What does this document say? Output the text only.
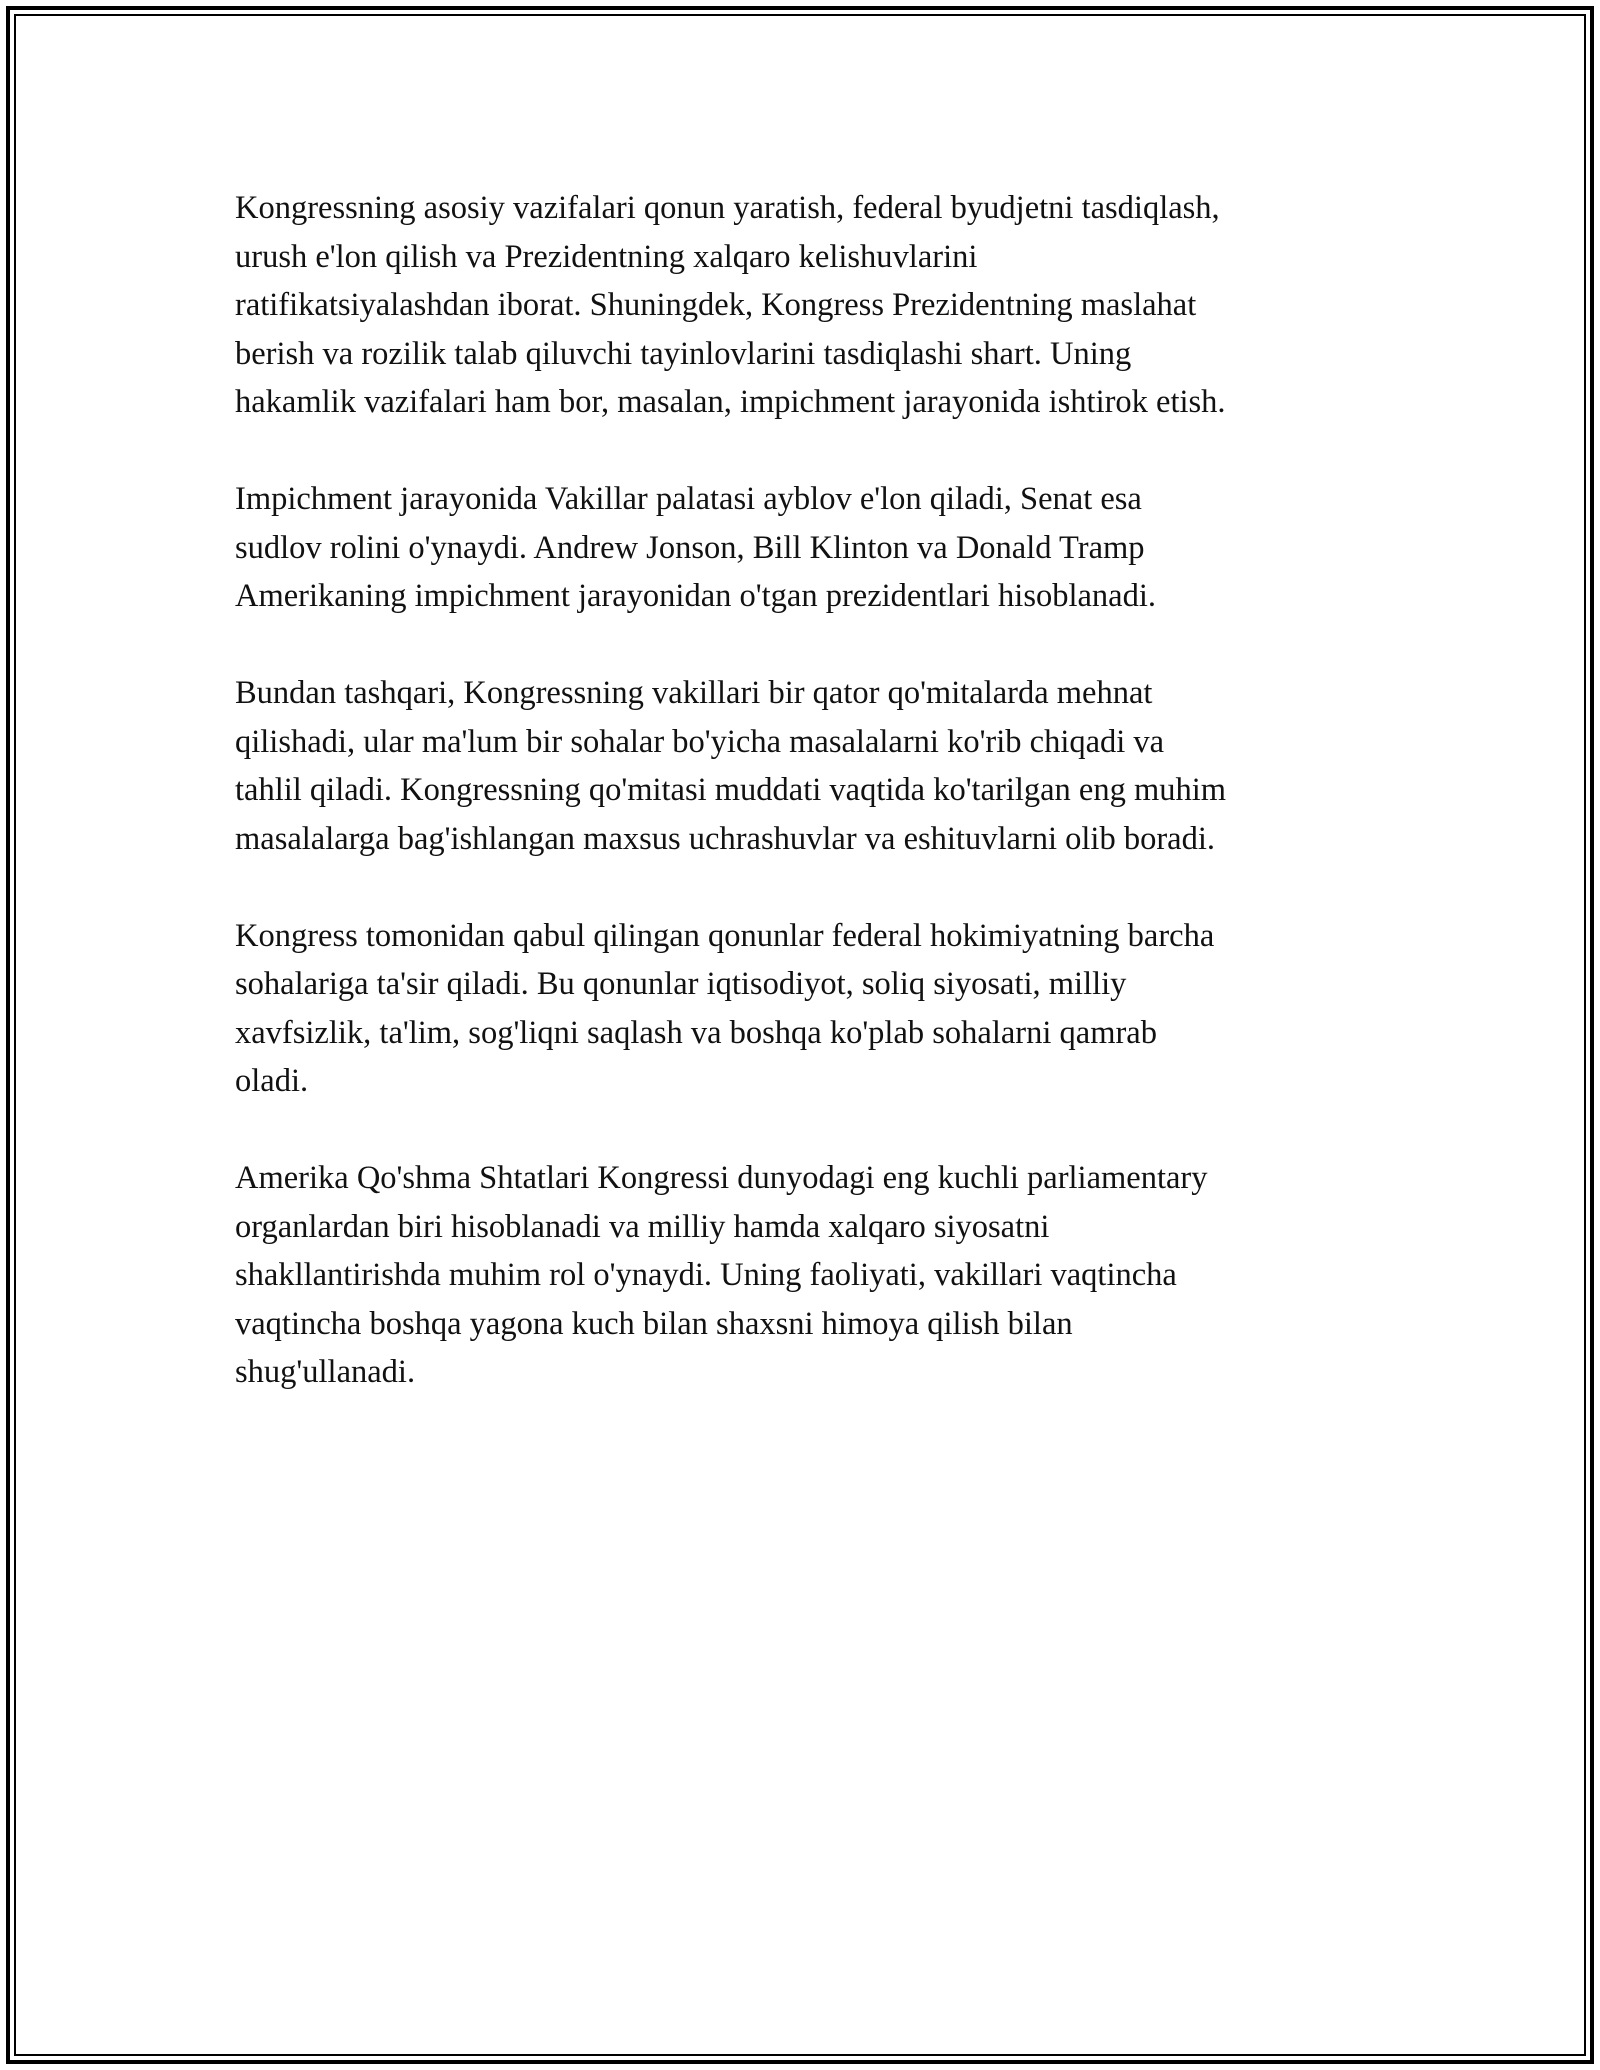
Kongressning asosiy vazifalari qonun yaratish, federal byudjetni tasdiqlash,
urush e'lon qilish va Prezidentning xalqaro kelishuvlarini
ratifikatsiyalashdan iborat. Shuningdek, Kongress Prezidentning maslahat
berish va rozilik talab qiluvchi tayinlovlarini tasdiqlashi shart. Uning
hakamlik vazifalari ham bor, masalan, impichment jarayonida ishtirok etish.

Impichment jarayonida Vakillar palatasi ayblov e'lon qiladi, Senat esa
sudlov rolini o'ynaydi. Andrew Jonson, Bill Klinton va Donald Tramp
Amerikaning impichment jarayonidan o'tgan prezidentlari hisoblanadi.

Bundan tashqari, Kongressning vakillari bir qator qo'mitalarda mehnat
qilishadi, ular ma'lum bir sohalar bo'yicha masalalarni ko'rib chiqadi va
tahlil qiladi. Kongressning qo'mitasi muddati vaqtida ko'tarilgan eng muhim
masalalarga bag'ishlangan maxsus uchrashuvlar va eshituvlarni olib boradi.

Kongress tomonidan qabul qilingan qonunlar federal hokimiyatning barcha
sohalariga ta'sir qiladi. Bu qonunlar iqtisodiyot, soliq siyosati, milliy
xavfsizlik, ta'lim, sog'liqni saqlash va boshqa ko'plab sohalarni qamrab
oladi.

Amerika Qo'shma Shtatlari Kongressi dunyodagi eng kuchli parliamentary
organlardan biri hisoblanadi va milliy hamda xalqaro siyosatni
shakllantirishda muhim rol o'ynaydi. Uning faoliyati, vakillari vaqtincha
vaqtincha boshqa yagona kuch bilan shaxsni himoya qilish bilan
shug'ullanadi.
